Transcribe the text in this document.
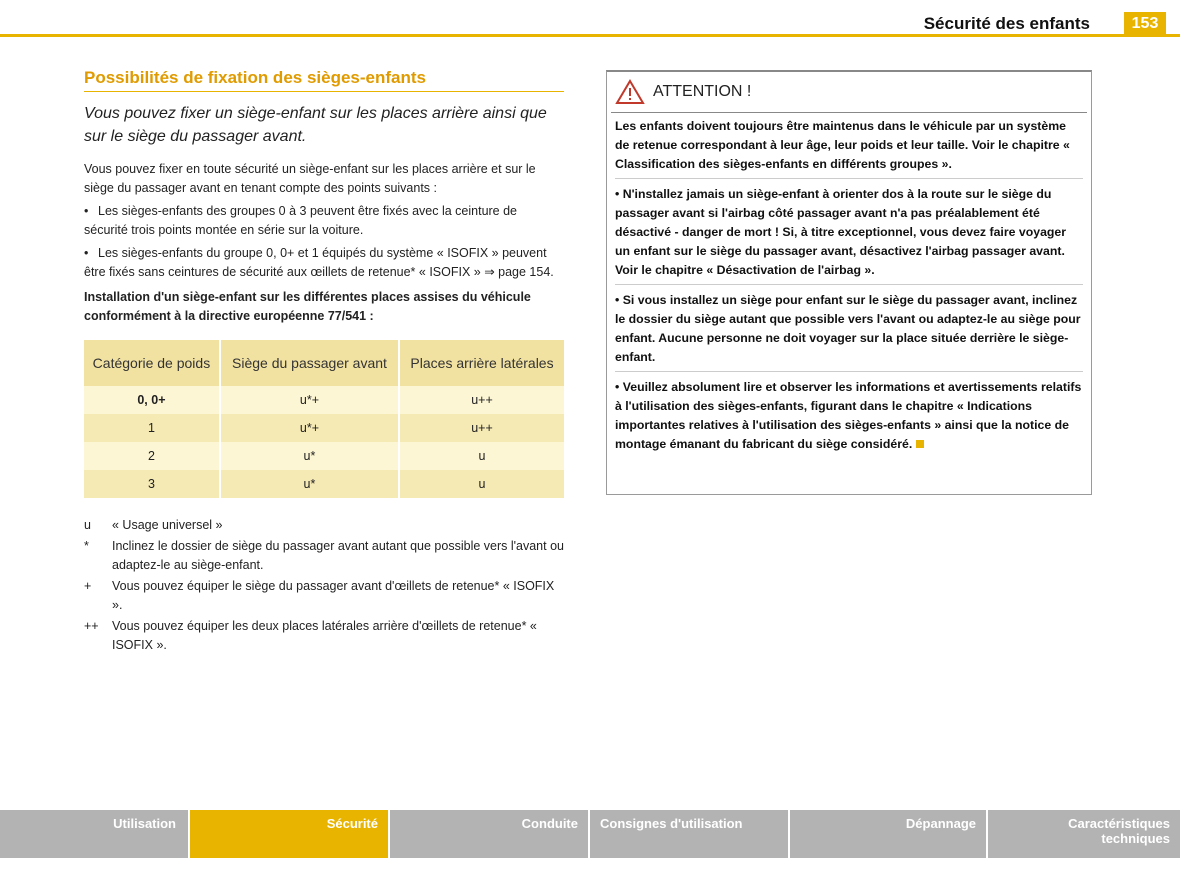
Sécurité des enfants	153
Possibilités de fixation des sièges-enfants

Vous pouvez fixer un siège-enfant sur les places arrière ainsi que sur le siège du passager avant.

Vous pouvez fixer en toute sécurité un siège-enfant sur les places arrière et sur le siège du passager avant en tenant compte des points suivants :

• Les sièges-enfants des groupes 0 à 3 peuvent être fixés avec la ceinture de sécurité trois points montée en série sur la voiture.

• Les sièges-enfants du groupe 0, 0+ et 1 équipés du système « ISOFIX » peuvent être fixés sans ceintures de sécurité aux œillets de retenue* « ISOFIX » ⇒ page 154.

Installation d'un siège-enfant sur les différentes places assises du véhicule conformément à la directive européenne 77/541 :

Catégorie de poids	Siège du passager avant	Places arrière latérales
0, 0+	u*+	u++
1	u*+	u++
2	u*	u
3	u*	u
u	« Usage universel »
*	Inclinez le dossier de siège du passager avant autant que possible vers l'avant ou adaptez-le au siège-enfant.
+	Vous pouvez équiper le siège du passager avant d'œillets de retenue* « ISOFIX ».
++	Vous pouvez équiper les deux places latérales arrière d'œillets de retenue* « ISOFIX ».
ATTENTION !

Les enfants doivent toujours être maintenus dans le véhicule par un système de retenue correspondant à leur âge, leur poids et leur taille. Voir le chapitre « Classification des sièges-enfants en différents groupes ».

• N'installez jamais un siège-enfant à orienter dos à la route sur le siège du passager avant si l'airbag côté passager avant n'a pas préalablement été désactivé - danger de mort ! Si, à titre exceptionnel, vous devez faire voyager un enfant sur le siège du passager avant, désactivez l'airbag passager avant. Voir le chapitre « Désactivation de l'airbag ».

• Si vous installez un siège pour enfant sur le siège du passager avant, inclinez le dossier du siège autant que possible vers l'avant ou adaptez-le au siège pour enfant. Aucune personne ne doit voyager sur la place située derrière le siège-enfant.

• Veuillez absolument lire et observer les informations et avertissements relatifs à l'utilisation des sièges-enfants, figurant dans le chapitre « Indications importantes relatives à l'utilisation des sièges-enfants » ainsi que la notice de montage émanant du fabricant du siège considéré.

Utilisation	Sécurité	Conduite	Consignes d'utilisation	Dépannage	Caractéristiques techniques
